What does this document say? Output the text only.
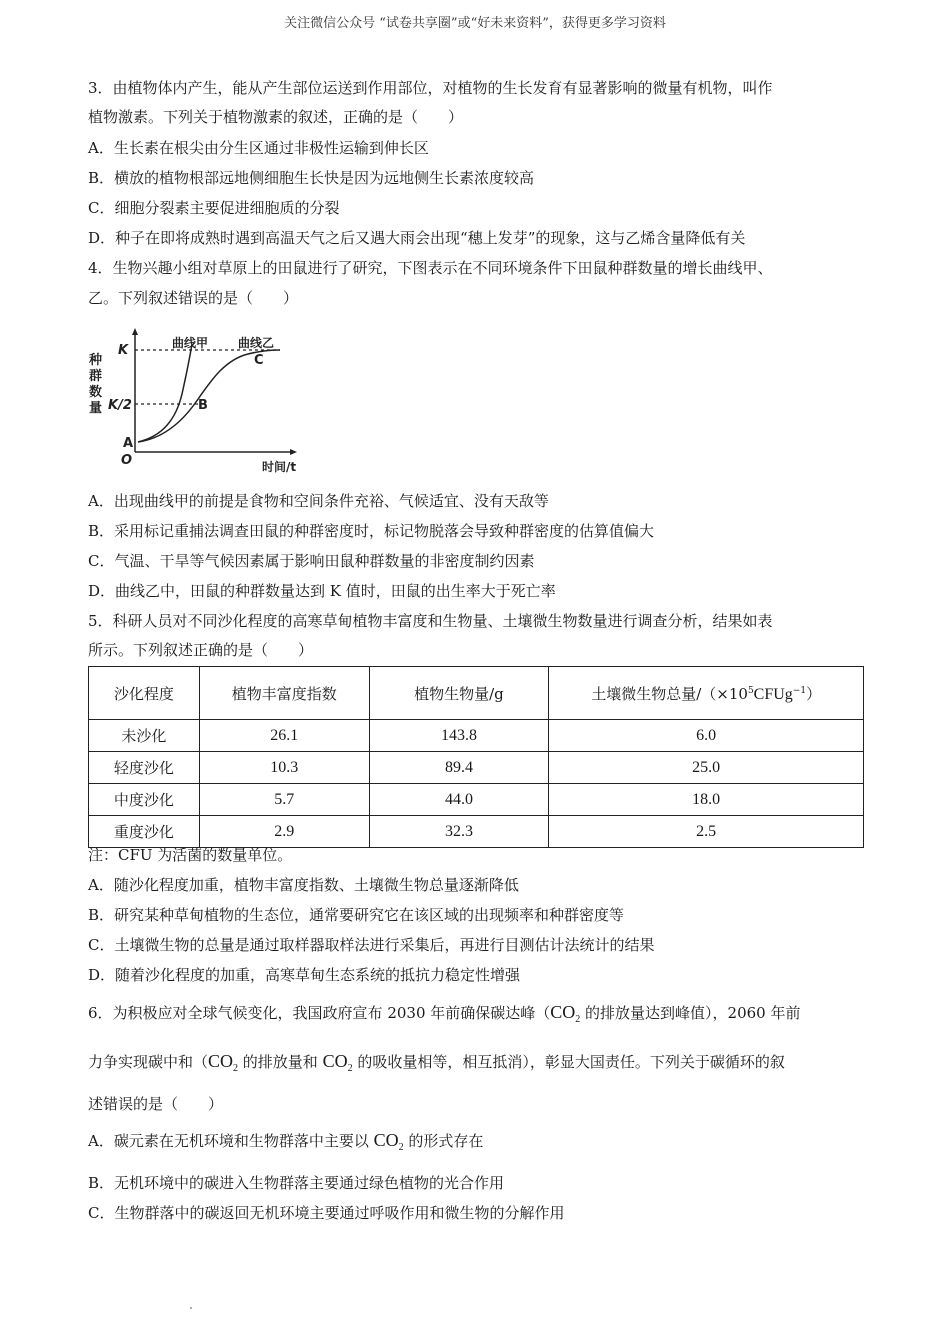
关注微信公众号 “试卷共享圈”或“好未来资料”，获得更多学习资料
3．由植物体内产生，能从产生部位运送到作用部位，对植物的生长发育有显著影响的微量有机物，叫作
植物激素。下列关于植物激素的叙述，正确的是（　　）
A．生长素在根尖由分生区通过非极性运输到伸长区
B．横放的植物根部远地侧细胞生长快是因为远地侧生长素浓度较高
C．细胞分裂素主要促进细胞质的分裂
D．种子在即将成熟时遇到高温天气之后又遇大雨会出现“穗上发芽”的现象，这与乙烯含量降低有关
4．生物兴趣小组对草原上的田鼠进行了研究，下图表示在不同环境条件下田鼠种群数量的增长曲线甲、
乙。下列叙述错误的是（　　）
A．出现曲线甲的前提是食物和空间条件充裕、气候适宜、没有天敌等
B．采用标记重捕法调查田鼠的种群密度时，标记物脱落会导致种群密度的估算值偏大
C．气温、干旱等气候因素属于影响田鼠种群数量的非密度制约因素
D．曲线乙中，田鼠的种群数量达到 K 值时，田鼠的出生率大于死亡率
5．科研人员对不同沙化程度的高寒草甸植物丰富度和生物量、土壤微生物数量进行调查分析，结果如表
所示。下列叙述正确的是（　　）
注：CFU 为活菌的数量单位。
A．随沙化程度加重，植物丰富度指数、土壤微生物总量逐渐降低
B．研究某种草甸植物的生态位，通常要研究它在该区域的出现频率和种群密度等
C．土壤微生物的总量是通过取样器取样法进行采集后，再进行目测估计法统计的结果
D．随着沙化程度的加重，高寒草甸生态系统的抵抗力稳定性增强
6．为积极应对全球气候变化，我国政府宣布 2030 年前确保碳达峰（$CO_2$ 的排放量达到峰值），2060 年前
力争实现碳中和（$CO_2$ 的排放量和 $CO_2$ 的吸收量相等，相互抵消），彰显大国责任。下列关于碳循环的叙
述错误的是（　　）
A．碳元素在无机环境和生物群落中主要以 $CO_2$ 的形式存在
B．无机环境中的碳进入生物群落主要通过绿色植物的光合作用
C．生物群落中的碳返回无机环境主要通过呼吸作用和微生物的分解作用
种
群
数
量
O	时间/t
K
K/2
曲线甲 曲线乙
A
B
C
沙化程度	植物丰富度指数	植物生物量/g	土壤微生物总量$/(\times 10^5CFUg^{-1})$
未沙化	26.1	143.8	6.0
轻度沙化	10.3	89.4	25.0
中度沙化	5.7	44.0	18.0
重度沙化	2.9	32.3	2.5
